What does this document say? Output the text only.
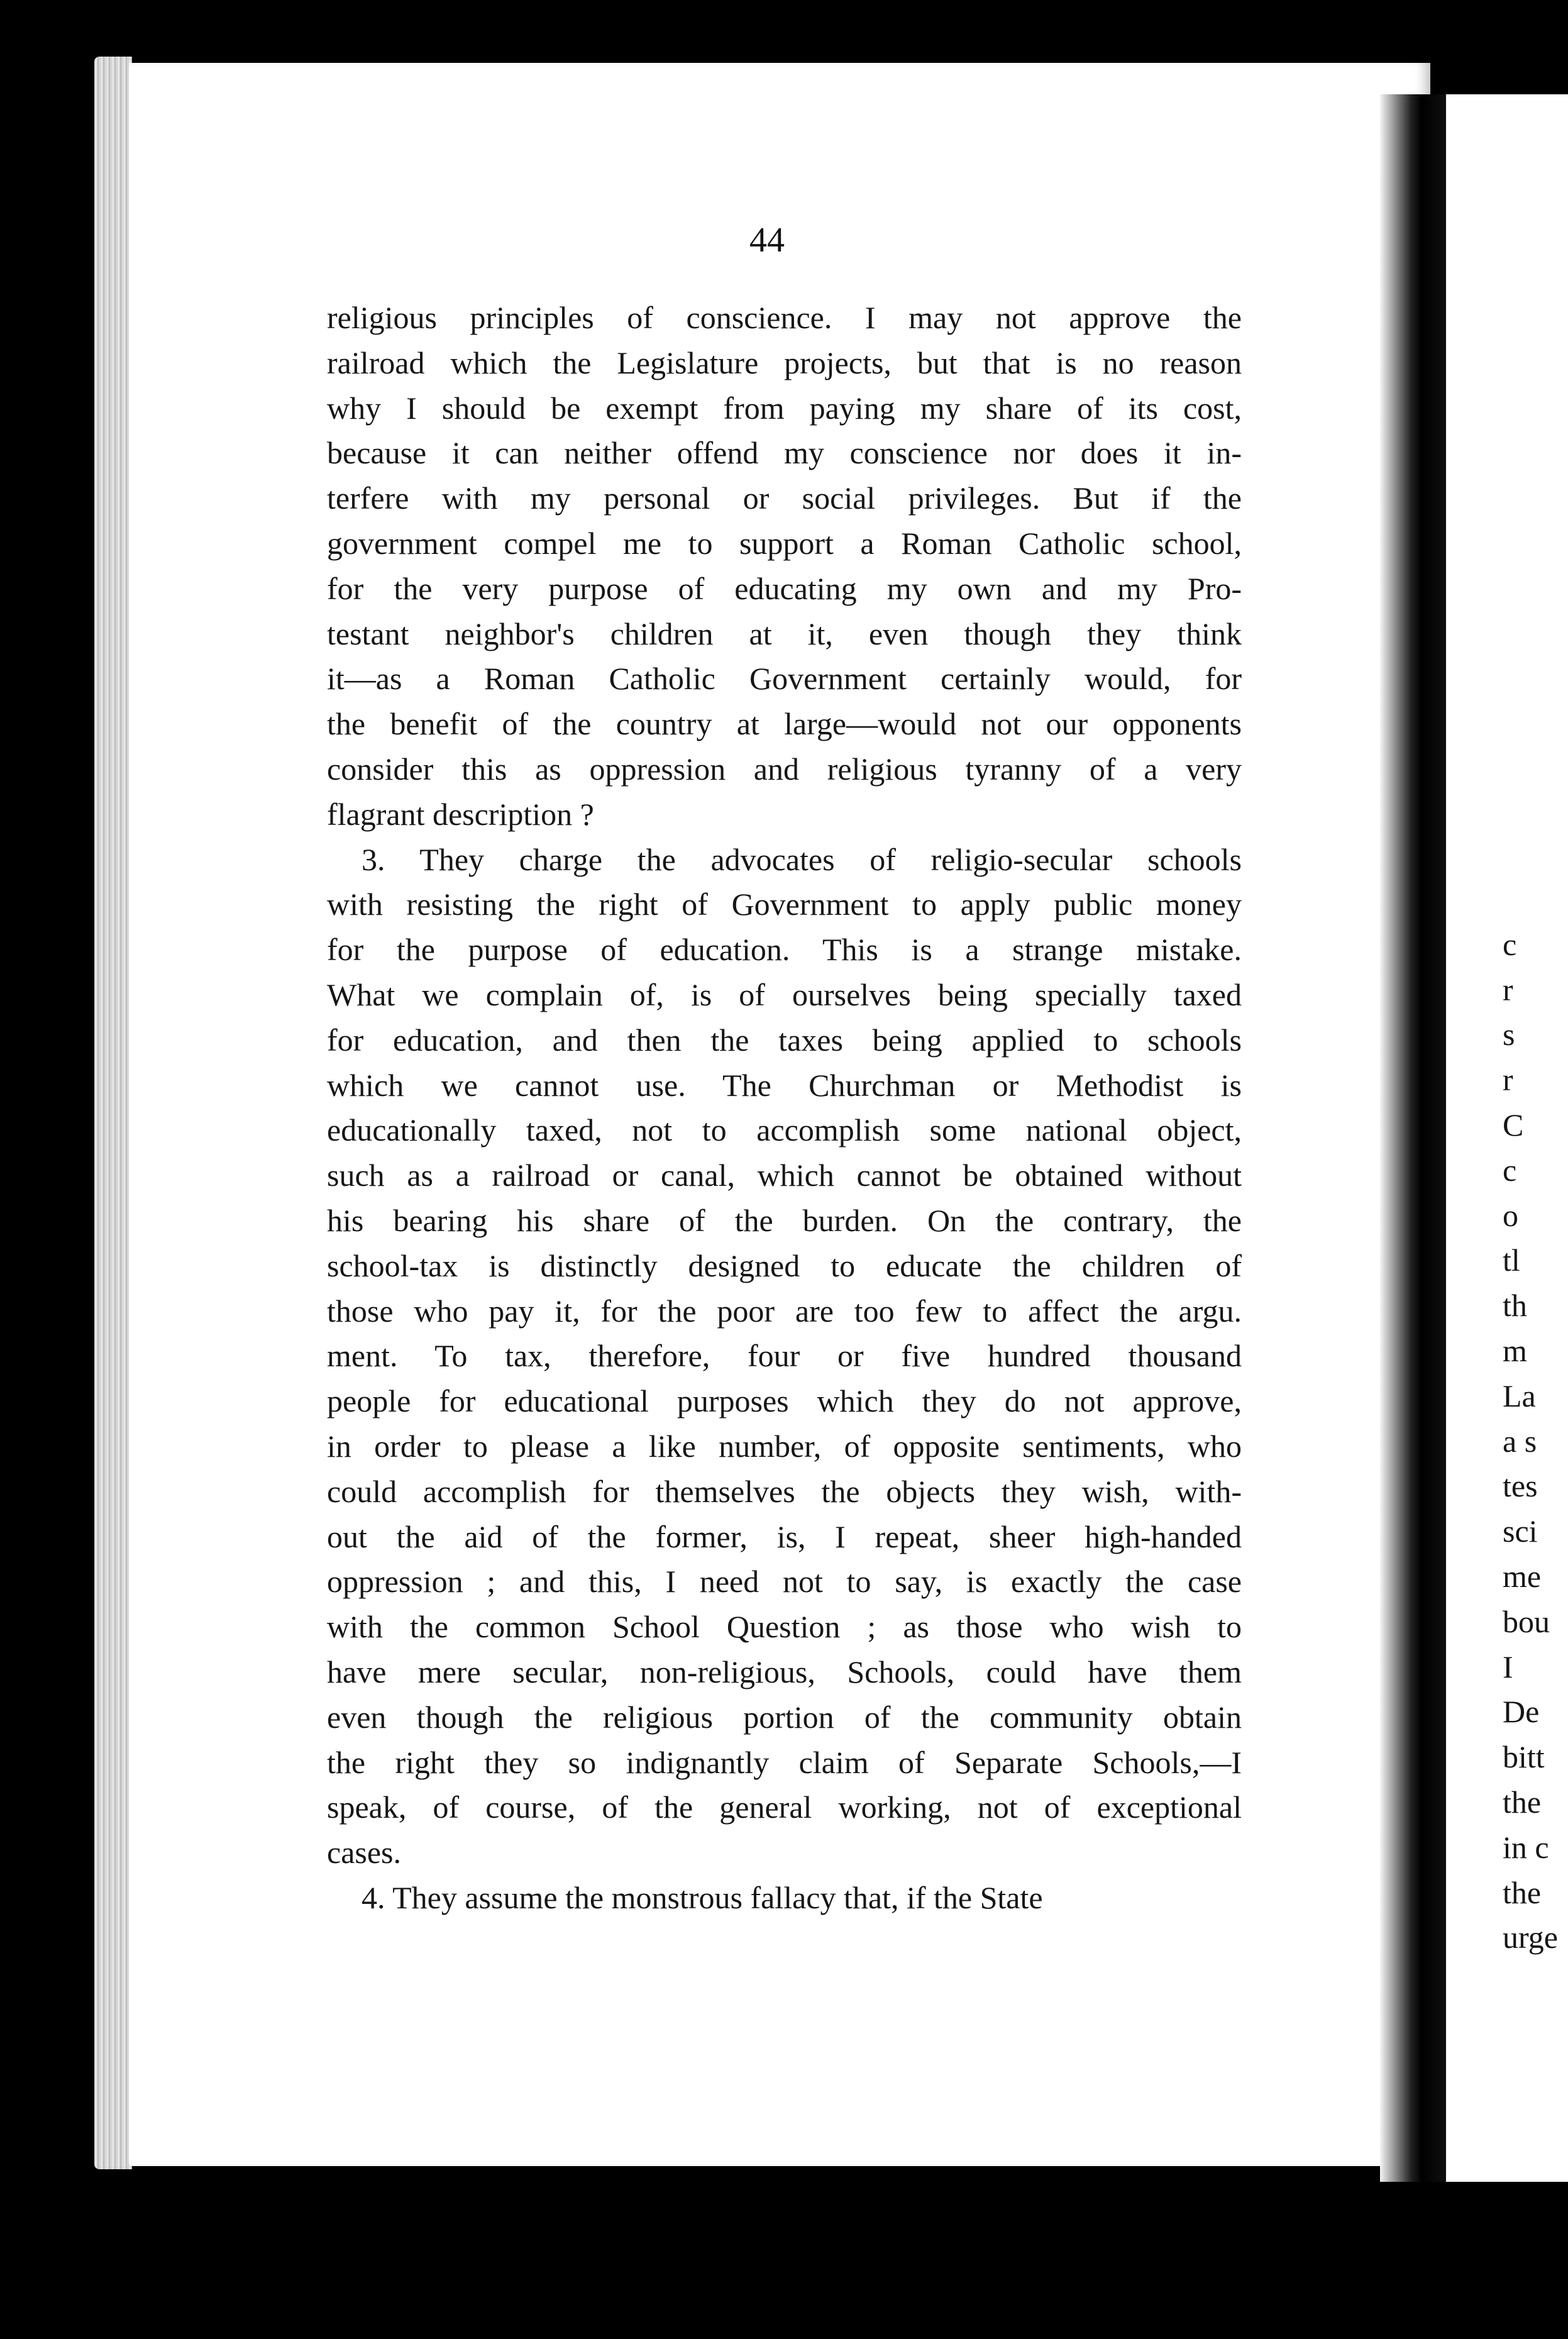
44

religious principles of conscience. I may not approve the
railroad which the Legislature projects, but that is no reason
why I should be exempt from paying my share of its cost,
because it can neither offend my conscience nor does it in-
terfere with my personal or social privileges. But if the
government compel me to support a Roman Catholic school,
for the very purpose of educating my own and my Pro-
testant neighbor's children at it, even though they think
it—as a Roman Catholic Government certainly would, for
the benefit of the country at large—would not our opponents
consider this as oppression and religious tyranny of a very
flagrant description ?
3. They charge the advocates of religio-secular schools
with resisting the right of Government to apply public money
for the purpose of education. This is a strange mistake.
What we complain of, is of ourselves being specially taxed
for education, and then the taxes being applied to schools
which we cannot use. The Churchman or Methodist is
educationally taxed, not to accomplish some national object,
such as a railroad or canal, which cannot be obtained without
his bearing his share of the burden. On the contrary, the
school-tax is distinctly designed to educate the children of
those who pay it, for the poor are too few to affect the argu.
ment. To tax, therefore, four or five hundred thousand
people for educational purposes which they do not approve,
in order to please a like number, of opposite sentiments, who
could accomplish for themselves the objects they wish, with-
out the aid of the former, is, I repeat, sheer high-handed
oppression ; and this, I need not to say, is exactly the case
with the common School Question ; as those who wish to
have mere secular, non-religious, Schools, could have them
even though the religious portion of the community obtain
the right they so indignantly claim of Separate Schools,—I
speak, of course, of the general working, not of exceptional
cases.
4. They assume the monstrous fallacy that, if the State
c
r
s
r
C
c
o
tl
th
m
La
a s
tes
sci
me
bou
I
De
bitt
the
in c
the
urge
